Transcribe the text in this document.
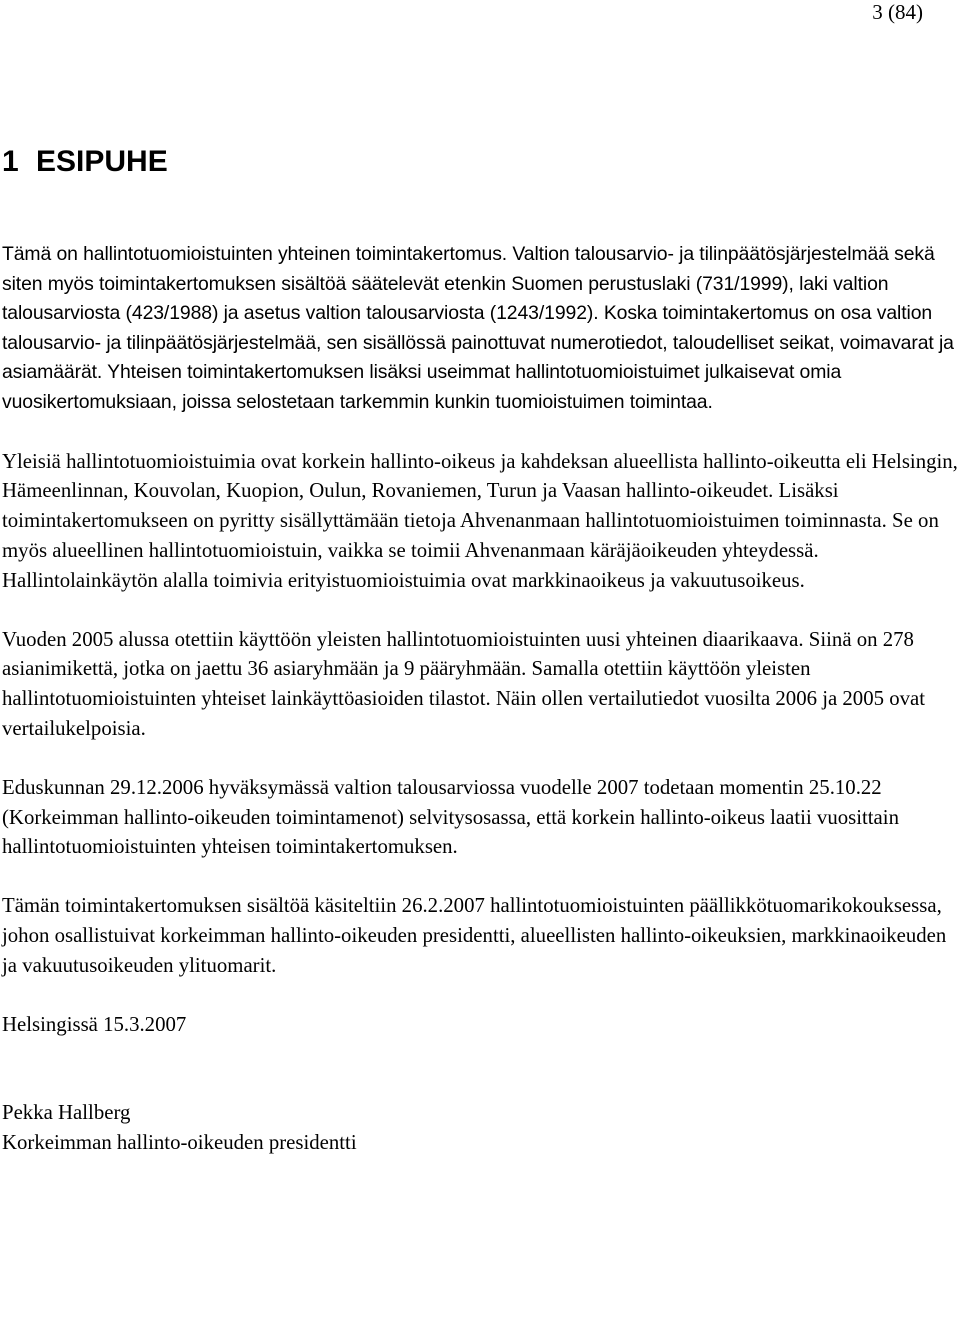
3 (84)
1 ESIPUHE

Tämä on hallintotuomioistuinten yhteinen toimintakertomus. Valtion talousarvio- ja tilinpäätösjärjestelmää sekä siten myös toimintakertomuksen sisältöä säätelevät etenkin Suomen perustuslaki (731/1999), laki valtion talousarviosta (423/1988) ja asetus valtion talousarviosta (1243/1992). Koska toimintakertomus on osa valtion talousarvio- ja tilinpäätösjärjestelmää, sen sisällössä painottuvat numerotiedot, taloudelliset seikat, voimavarat ja asiamäärät. Yhteisen toimintakertomuksen lisäksi useimmat hallintotuomioistuimet julkaisevat omia vuosikertomuksiaan, joissa selostetaan tarkemmin kunkin tuomioistuimen toimintaa.

Yleisiä hallintotuomioistuimia ovat korkein hallinto-oikeus ja kahdeksan alueellista hallinto-oikeutta eli Helsingin, Hämeenlinnan, Kouvolan, Kuopion, Oulun, Rovaniemen, Turun ja Vaasan hallinto-oikeudet. Lisäksi toimintakertomukseen on pyritty sisällyttämään tietoja Ahvenanmaan hallintotuomioistuimen toiminnasta. Se on myös alueellinen hallintotuomioistuin, vaikka se toimii Ahvenanmaan käräjäoikeuden yhteydessä. Hallintolainkäytön alalla toimivia erityistuomioistuimia ovat markkinaoikeus ja vakuutusoikeus.

Vuoden 2005 alussa otettiin käyttöön yleisten hallintotuomioistuinten uusi yhteinen diaarikaava. Siinä on 278 asianimikettä, jotka on jaettu 36 asiaryhmään ja 9 pääryhmään. Samalla otettiin käyttöön yleisten hallintotuomioistuinten yhteiset lainkäyttöasioiden tilastot. Näin ollen vertailutiedot vuosilta 2006 ja 2005 ovat vertailukelpoisia.

Eduskunnan 29.12.2006 hyväksymässä valtion talousarviossa vuodelle 2007 todetaan momentin 25.10.22 (Korkeimman hallinto-oikeuden toimintamenot) selvitysosassa, että korkein hallinto-oikeus laatii vuosittain hallintotuomioistuinten yhteisen toimintakertomuksen.

Tämän toimintakertomuksen sisältöä käsiteltiin 26.2.2007 hallintotuomioistuinten päällikkötuomarikokouksessa, johon osallistuivat korkeimman hallinto-oikeuden presidentti, alueellisten hallinto-oikeuksien, markkinaoikeuden ja vakuutusoikeuden ylituomarit.

Helsingissä 15.3.2007

Pekka Hallberg

Korkeimman hallinto-oikeuden presidentti
